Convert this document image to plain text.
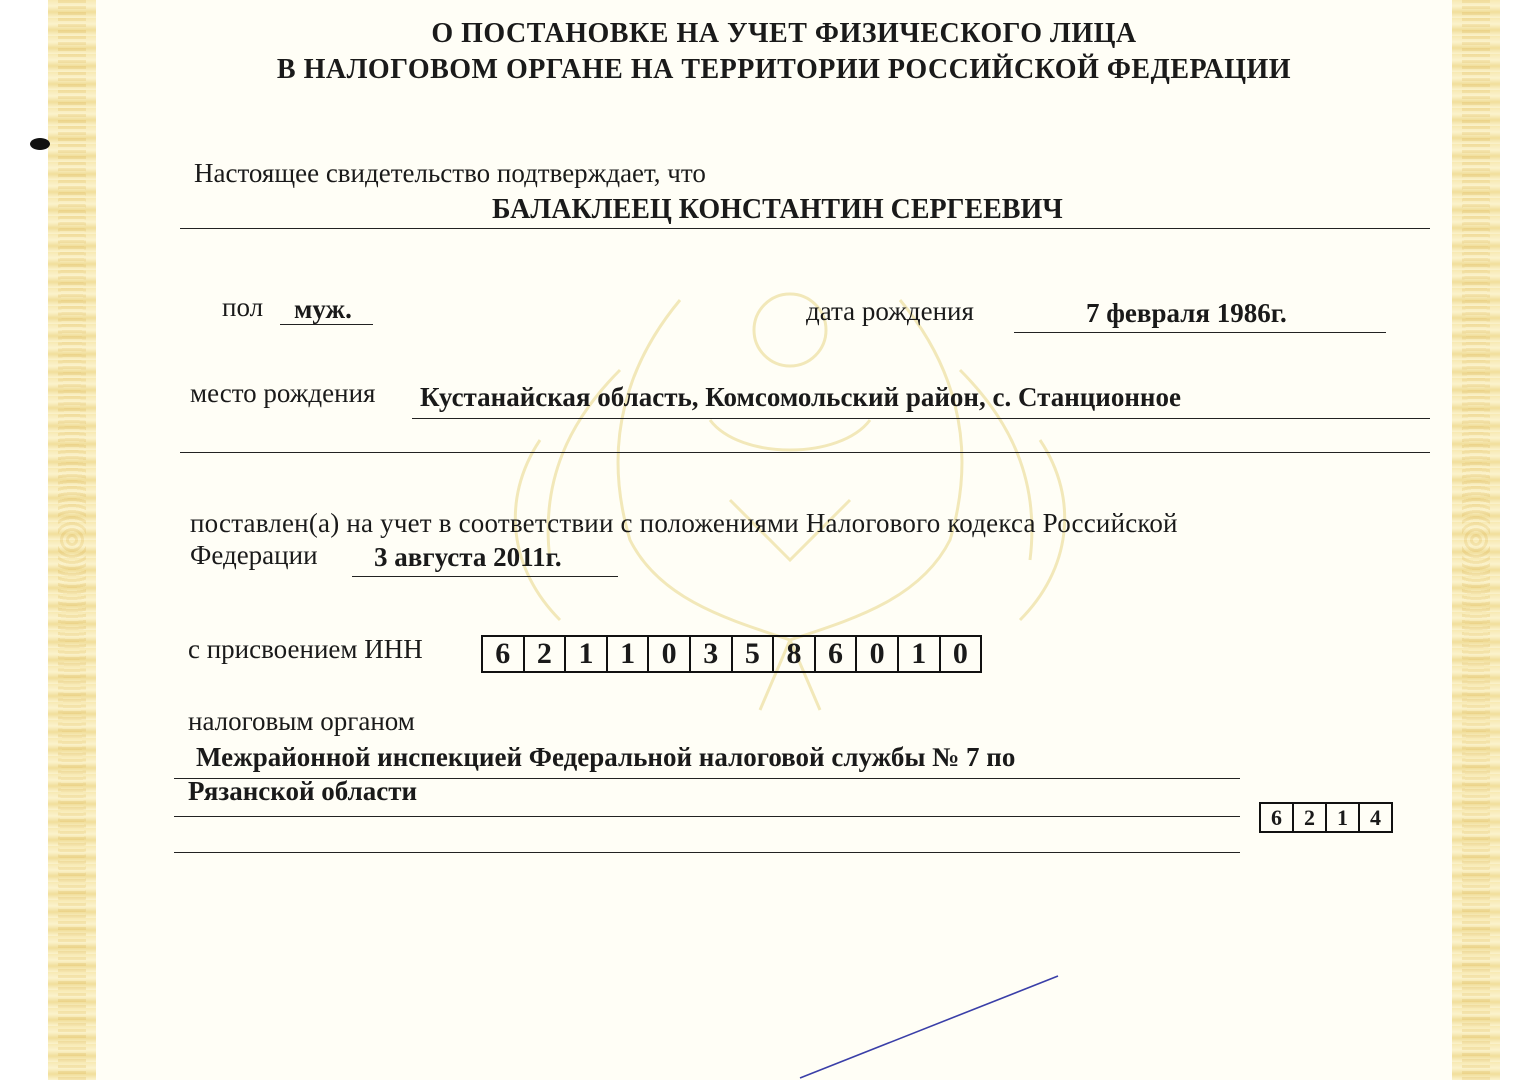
О ПОСТАНОВКЕ НА УЧЕТ ФИЗИЧЕСКОГО ЛИЦА
В НАЛОГОВОМ ОРГАНЕ НА ТЕРРИТОРИИ РОССИЙСКОЙ ФЕДЕРАЦИИ
Настоящее свидетельство подтверждает, что
БАЛАКЛЕЕЦ КОНСТАНТИН СЕРГЕЕВИЧ
пол муж.	дата рождения	7 февраля 1986г.
место рождения Кустанайская область, Комсомольский район, с. Станционное
поставлен(а) на учет в соответствии с положениями Налогового кодекса Российской
Федерации 3 августа 2011г.
с присвоением ИНН	6 2 1 1 0 3 5 8 6 0 1 0
налоговым органом
Межрайонной инспекцией Федеральной налоговой службы № 7 по
Рязанской области
6	2	1	4
